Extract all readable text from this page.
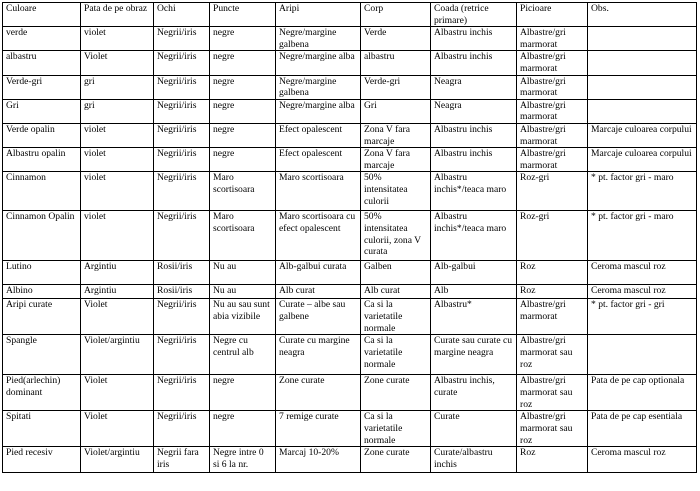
Culoare	Pata de pe obraz	Ochi	Puncte	Aripi	Corp	Coada (retrice primare)	Picioare	Obs.
verde	violet	Negrii/iris	negre	Negre/margine galbena	Verde	Albastru inchis	Albastre/gri marmorat	
albastru	Violet	Negrii/iris	negre	Negre/margine alba	albastru	Albastru inchis	Albastre/gri marmorat	
Verde-gri	gri	Negrii/iris	negre	Negre/margine galbena	Verde-gri	Neagra	Albastre/gri marmorat	
Gri	gri	Negrii/iris	negre	Negre/margine alba	Gri	Neagra	Albastre/gri marmorat	
Verde opalin	violet	Negrii/iris	negre	Efect opalescent	Zona V fara marcaje	Albastru inchis	Albastre/gri marmorat	Marcaje culoarea corpului
Albastru opalin	violet	Negrii/iris	negre	Efect opalescent	Zona V fara marcaje	Albastru inchis	Albastre/gri marmorat	Marcaje culoarea corpului
Cinnamon	violet	Negrii/iris	Maro scortisoara	Maro scortisoara	50% intensitatea culorii	Albastru inchis*/teaca maro	Roz-gri	* pt. factor gri - maro
Cinnamon Opalin	violet	Negrii/iris	Maro scortisoara	Maro scortisoara cu efect opalescent	50% intensitatea culorii, zona V curata	Albastru inchis*/teaca maro	Roz-gri	* pt. factor gri - maro
Lutino	Argintiu	Rosii/iris	Nu au	Alb-galbui curata	Galben	Alb-galbui	Roz	Ceroma mascul roz
Albino	Argintiu	Rosii/iris	Nu au	Alb curat	Alb curat	Alb	Roz	Ceroma mascul roz
Aripi curate	Violet	Negrii/iris	Nu au sau sunt abia vizibile	Curate – albe sau galbene	Ca si la varietatile normale	Albastru*	Albastre/gri marmorat	* pt. factor gri - gri
Spangle	Violet/argintiu	Negrii/iris	Negre cu centrul alb	Curate cu margine neagra	Ca si la varietatile normale	Curate sau curate cu margine neagra	Albastre/gri marmorat sau roz	
Pied(arlechin) dominant	Violet	Negrii/iris	negre	Zone curate	Zone curate	Albastru inchis, curate	Albastre/gri marmorat sau roz	Pata de pe cap optionala
Spitati	Violet	Negrii/iris	negre	7 remige curate	Ca si la varietatile normale	Curate	Albastre/gri marmorat sau roz	Pata de pe cap esentiala
Pied recesiv	Violet/argintiu	Negrii fara iris	Negre intre 0 si 6 la nr.	Marcaj 10-20%	Zone curate	Curate/albastru inchis	Roz	Ceroma mascul roz
